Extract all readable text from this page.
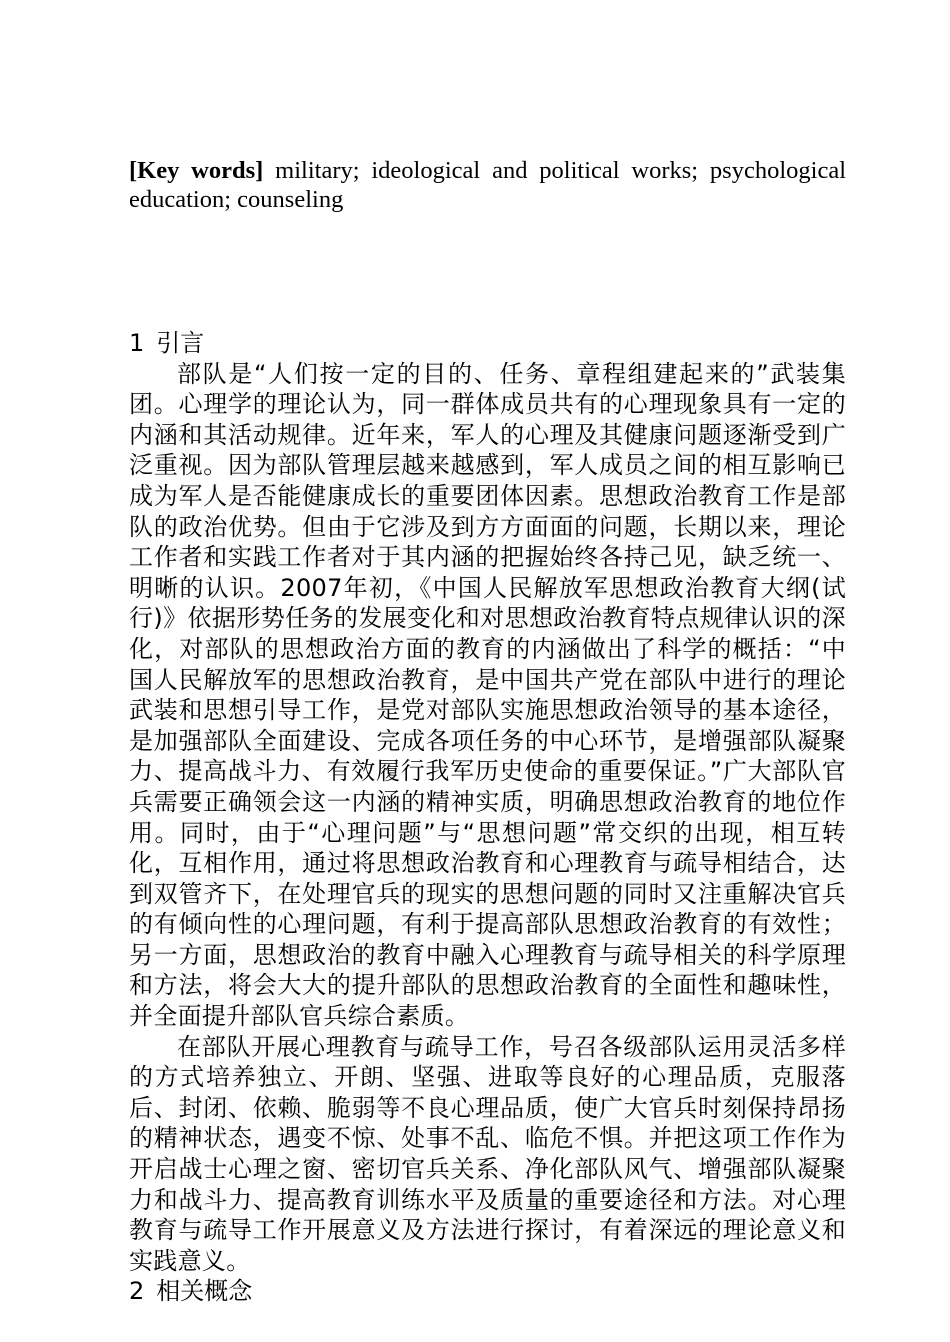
[Key words] military; ideological and political works; psychological education; counseling
1 引言

部队是“人们按一定的目的、任务、章程组建起来的”武装集团。心理学的理论认为，同一群体成员共有的心理现象具有一定的内涵和其活动规律。近年来，军人的心理及其健康问题逐渐受到广泛重视。因为部队管理层越来越感到，军人成员之间的相互影响已成为军人是否能健康成长的重要团体因素。思想政治教育工作是部队的政治优势。但由于它涉及到方方面面的问题，长期以来，理论工作者和实践工作者对于其内涵的把握始终各持己见，缺乏统一、明晰的认识。2007年初，《中国人民解放军思想政治教育大纲(试行)》依据形势任务的发展变化和对思想政治教育特点规律认识的深化，对部队的思想政治方面的教育的内涵做出了科学的概括：“中国人民解放军的思想政治教育，是中国共产党在部队中进行的理论武装和思想引导工作，是党对部队实施思想政治领导的基本途径，是加强部队全面建设、完成各项任务的中心环节，是增强部队凝聚力、提高战斗力、有效履行我军历史使命的重要保证。”广大部队官兵需要正确领会这一内涵的精神实质，明确思想政治教育的地位作用。同时，由于“心理问题”与“思想问题”常交织的出现，相互转化，互相作用，通过将思想政治教育和心理教育与疏导相结合，达到双管齐下，在处理官兵的现实的思想问题的同时又注重解决官兵的有倾向性的心理问题，有利于提高部队思想政治教育的有效性；另一方面，思想政治的教育中融入心理教育与疏导相关的科学原理和方法，将会大大的提升部队的思想政治教育的全面性和趣味性，并全面提升部队官兵综合素质。

在部队开展心理教育与疏导工作，号召各级部队运用灵活多样的方式培养独立、开朗、坚强、进取等良好的心理品质，克服落后、封闭、依赖、脆弱等不良心理品质，使广大官兵时刻保持昂扬的精神状态，遇变不惊、处事不乱、临危不惧。并把这项工作作为开启战士心理之窗、密切官兵关系、净化部队风气、增强部队凝聚力和战斗力、提高教育训练水平及质量的重要途径和方法。对心理教育与疏导工作开展意义及方法进行探讨，有着深远的理论意义和实践意义。

2 相关概念
